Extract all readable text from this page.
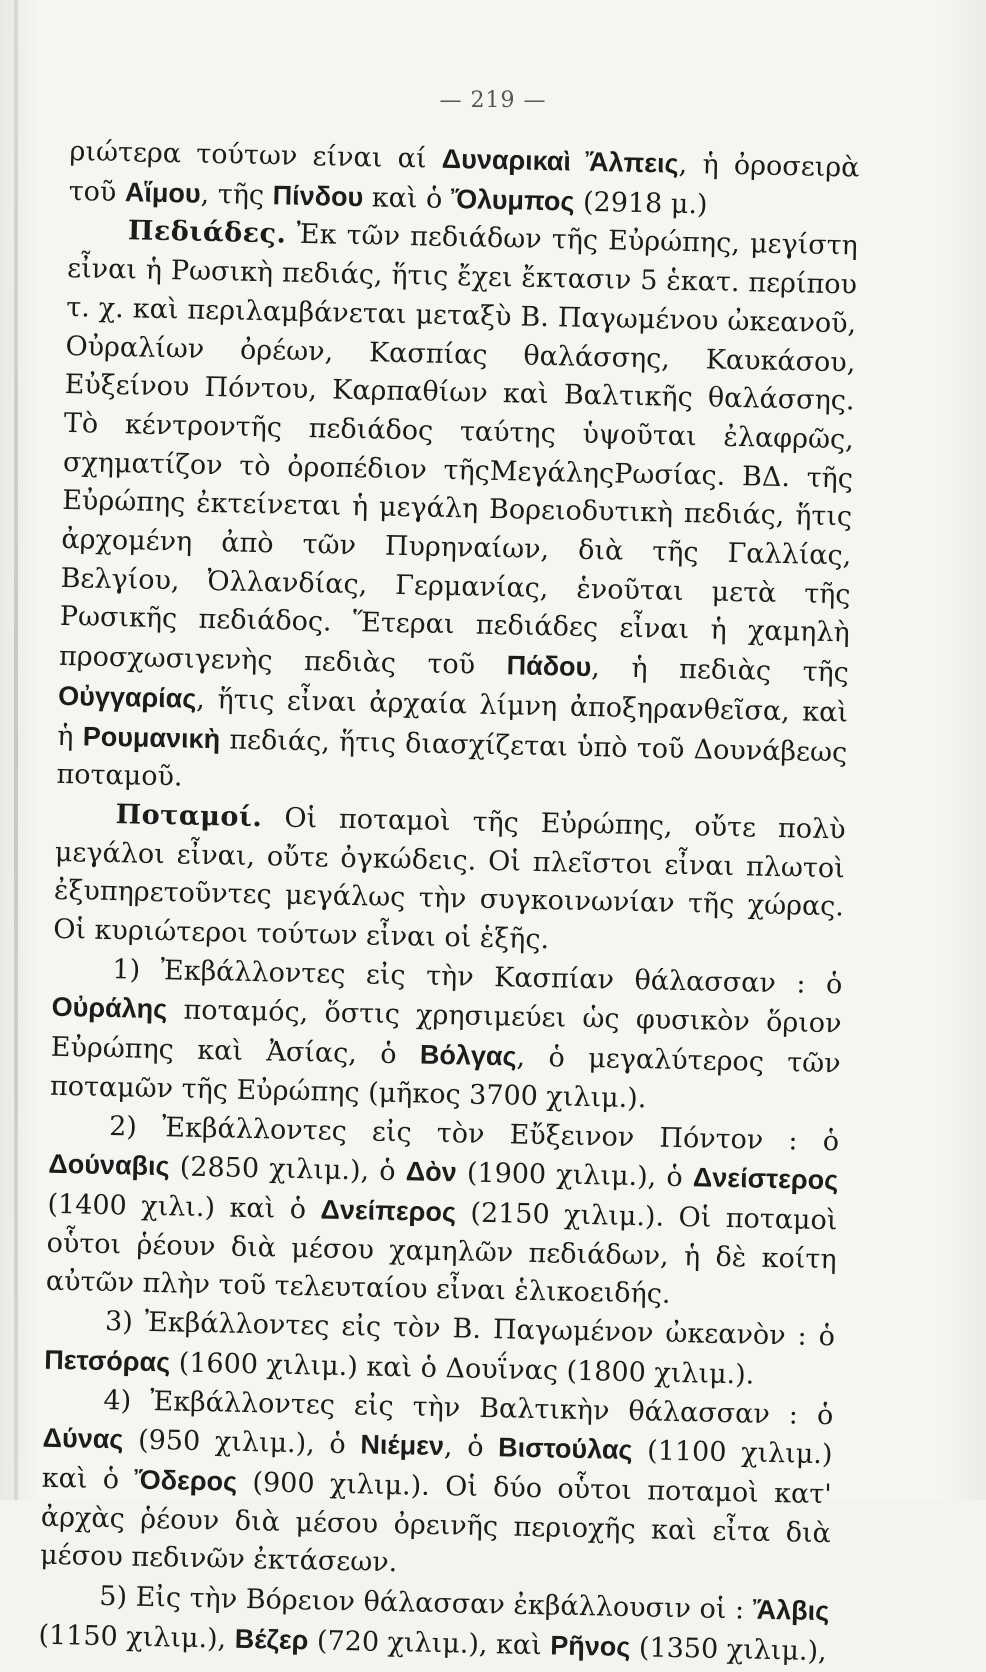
— 219 —

ριώτερα τούτων είναι αί Δυναρικαὶ Ἄλπεις, ἡ ὀροσειρὰ τοῦ Αἵμου, τῆς Πίνδου καὶ ὁ Ὄλυμπος (2918 μ.)

Πεδιάδες. Ἐκ τῶν πεδιάδων τῆς Εὐρώπης, μεγίστη εἶναι ἡ Ρωσικὴ πεδιάς, ἥτις ἔχει ἔκτασιν 5 ἑκατ. περίπου τ. χ. καὶ περιλαμβάνεται μεταξὺ Β. Παγωμένου ὠκεανοῦ, Οὐραλίων ὀρέων, Κασπίας θαλάσσης, Καυκάσου, Εὐξείνου Πόντου, Καρπαθίων καὶ Βαλτικῆς θαλάσσης. Τὸ κέντροντῆς πεδιάδος ταύτης ὑψοῦται ἐλαφρῶς, σχηματίζον τὸ ὀροπέδιον τῆςΜεγάληςΡωσίας. ΒΔ. τῆς Εὐρώπης ἐκτείνεται ἡ μεγάλη Βορειοδυτικὴ πεδιάς, ἥτις ἀρχομένη ἀπὸ τῶν Πυρηναίων, διὰ τῆς Γαλλίας, Βελγίου, Ὀλλανδίας, Γερμανίας, ἑνοῦται μετὰ τῆς Ρωσικῆς πεδιάδος. Ἕτεραι πεδιάδες εἶναι ἡ χαμηλὴ προσχωσιγενὴς πεδιὰς τοῦ Πάδου, ἡ πεδιὰς τῆς Οὐγγαρίας, ἥτις εἶναι ἀρχαία λίμνη ἀποξηρανθεῖσα, καὶ ἡ Ρουμανικὴ πεδιάς, ἥτις διασχίζεται ὑπὸ τοῦ Δουνάβεως ποταμοῦ.

Ποταμοί. Οἱ ποταμοὶ τῆς Εὐρώπης, οὔτε πολὺ μεγάλοι εἶναι, οὔτε ὀγκώδεις. Οἱ πλεῖστοι εἶναι πλωτοὶ ἐξυπηρετοῦντες μεγάλως τὴν συγκοινωνίαν τῆς χώρας. Οἱ κυριώτεροι τούτων εἶναι οἱ ἑξῆς.

1) Ἐκβάλλοντες εἰς τὴν Κασπίαν θάλασσαν : ὁ Οὐράλης ποταμός, ὅστις χρησιμεύει ὡς φυσικὸν ὅριον Εὐρώπης καὶ Ἀσίας, ὁ Βόλγας, ὁ μεγαλύτερος τῶν ποταμῶν τῆς Εὐρώπης (μῆκος 3700 χιλιμ.).

2) Ἐκβάλλοντες εἰς τὸν Εὔξεινον Πόντον : ὁ Δούναβις (2850 χιλιμ.), ὁ Δὸν (1900 χιλιμ.), ὁ Δνείστερος (1400 χιλι.) καὶ ὁ Δνείπερος (2150 χιλιμ.). Οἱ ποταμοὶ οὗτοι ῥέουν διὰ μέσου χαμηλῶν πεδιάδων, ἡ δὲ κοίτη αὐτῶν πλὴν τοῦ τελευταίου εἶναι ἑλικοειδής.

3) Ἐκβάλλοντες εἰς τὸν Β. Παγωμένον ὠκεανὸν : ὁ Πετσόρας (1600 χιλιμ.) καὶ ὁ Δουΐνας (1800 χιλιμ.).

4) Ἐκβάλλοντες εἰς τὴν Βαλτικὴν θάλασσαν : ὁ Δύνας (950 χιλιμ.), ὁ Νιέμεν, ὁ Βιστούλας (1100 χιλιμ.) καὶ ὁ Ὄδερος (900 χιλιμ.). Οἱ δύο οὗτοι ποταμοὶ κατ' ἀρχὰς ῥέουν διὰ μέσου ὀρεινῆς περιοχῆς καὶ εἶτα διὰ μέσου πεδινῶν ἐκτάσεων.

5) Εἰς τὴν Βόρειον θάλασσαν ἐκβάλλουσιν οἱ : Ἄλβις (1150 χιλιμ.), Βέζερ (720 χιλιμ.), καὶ Ρῆνος (1350 χιλιμ.),
